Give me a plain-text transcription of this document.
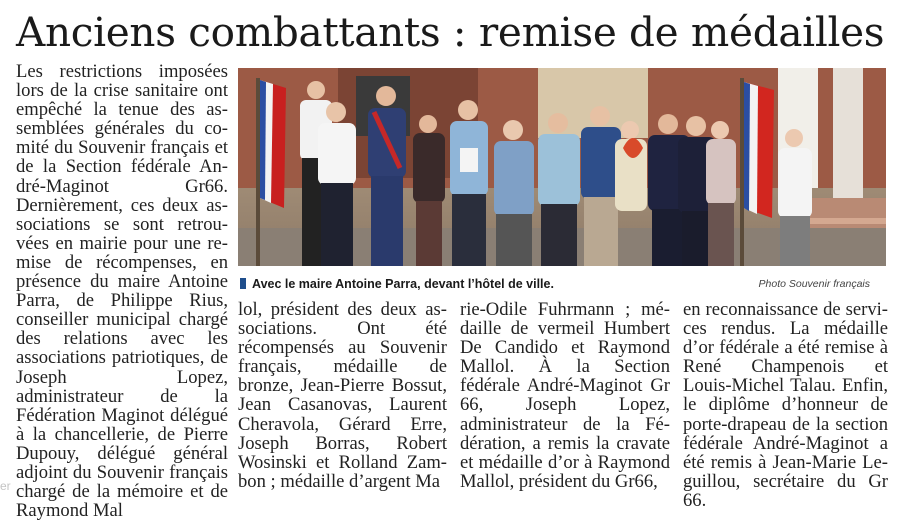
Anciens combattants : remise de médailles

Les restrictions imposées lors de la crise sanitaire ont empêché la tenue des assemblées générales du comité du Souvenir français et de la Section fédérale André-Maginot Gr66. Dernièrement, ces deux associations se sont retrouvées en mairie pour une remise de récompenses, en présence du maire Antoine Parra, de Philippe Rius, conseiller municipal chargé des relations avec les associations patriotiques, de Joseph Lopez, administrateur de la Fédération Maginot délégué à la chancellerie, de Pierre Dupouy, délégué général adjoint du Souvenir français chargé de la mémoire et de Raymond Mal

Avec le maire Antoine Parra, devant l’hôtel de ville.	Photo Souvenir français

lol, président des deux associations. Ont été récompensés au Souvenir français, médaille de bronze, Jean-Pierre Bossut, Jean Casanovas, Laurent Cheravola, Gérard Erre, Joseph Borras, Robert Wosinski et Rolland Zambon ; médaille d’argent Ma

rie-Odile Fuhrmann ; médaille de vermeil Humbert De Candido et Raymond Mallol. À la Section fédérale André-Maginot Gr 66, Joseph Lopez, administrateur de la Fédération, a remis la cravate et médaille d’or à Raymond Mallol, président du Gr66,

en reconnaissance de services rendus. La médaille d’or fédérale a été remise à René Champenois et Louis-Michel Talau. Enfin, le diplôme d’honneur de porte-drapeau de la section fédérale André-Maginot a été remis à Jean-Marie Leguillou, secrétaire du Gr 66.

er
